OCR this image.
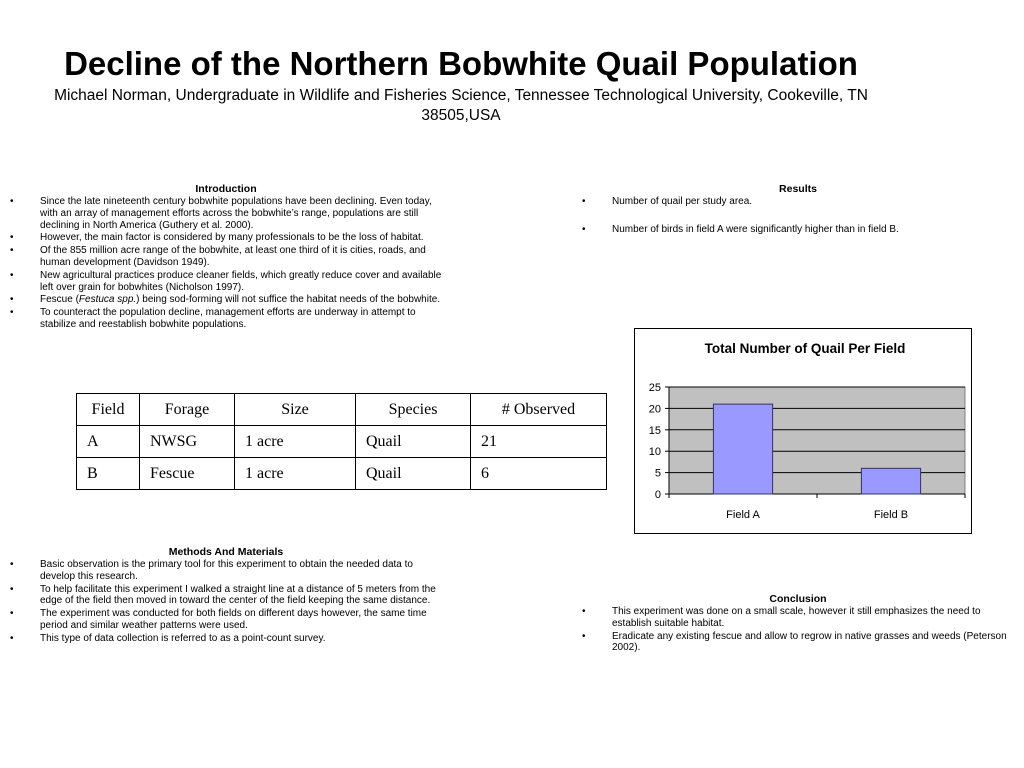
Decline of the Northern Bobwhite Quail Population
Michael Norman, Undergraduate in Wildlife and Fisheries Science, Tennessee Technological University, Cookeville, TN
38505,USA
Introduction
• Since the late nineteenth century bobwhite populations have been declining. Even today, with an array of management efforts across the bobwhite’s range, populations are still declining in North America (Guthery et al. 2000).
• However, the main factor is considered by many professionals to be the loss of habitat.
• Of the 855 million acre range of the bobwhite, at least one third of it is cities, roads, and human development (Davidson 1949).
• New agricultural practices produce cleaner fields, which greatly reduce cover and available left over grain for bobwhites (Nicholson 1997).
• Fescue (Festuca spp.) being sod-forming will not suffice the habitat needs of the bobwhite.
• To counteract the population decline, management efforts are underway in attempt to stabilize and reestablish bobwhite populations.
Field	Forage	Size	Species	# Observed
A	NWSG	1 acre	Quail	21
B	Fescue	1 acre	Quail	6
Methods And Materials
• Basic observation is the primary tool for this experiment to obtain the needed data to develop this research.
• To help facilitate this experiment I walked a straight line at a distance of 5 meters from the edge of the field then moved in toward the center of the field keeping the same distance.
• The experiment was conducted for both fields on different days however, the same time period and similar weather patterns were used.
• This type of data collection is referred to as a point-count survey.
Results
• Number of quail per study area.
• Number of birds in field A were significantly higher than in field B.
Total Number of Quail Per Field
0
5
10
15
20
25
Field A	Field B
Conclusion
• This experiment was done on a small scale, however it still emphasizes the need to establish suitable habitat.
• Eradicate any existing fescue and allow to regrow in native grasses and weeds (Peterson 2002).
